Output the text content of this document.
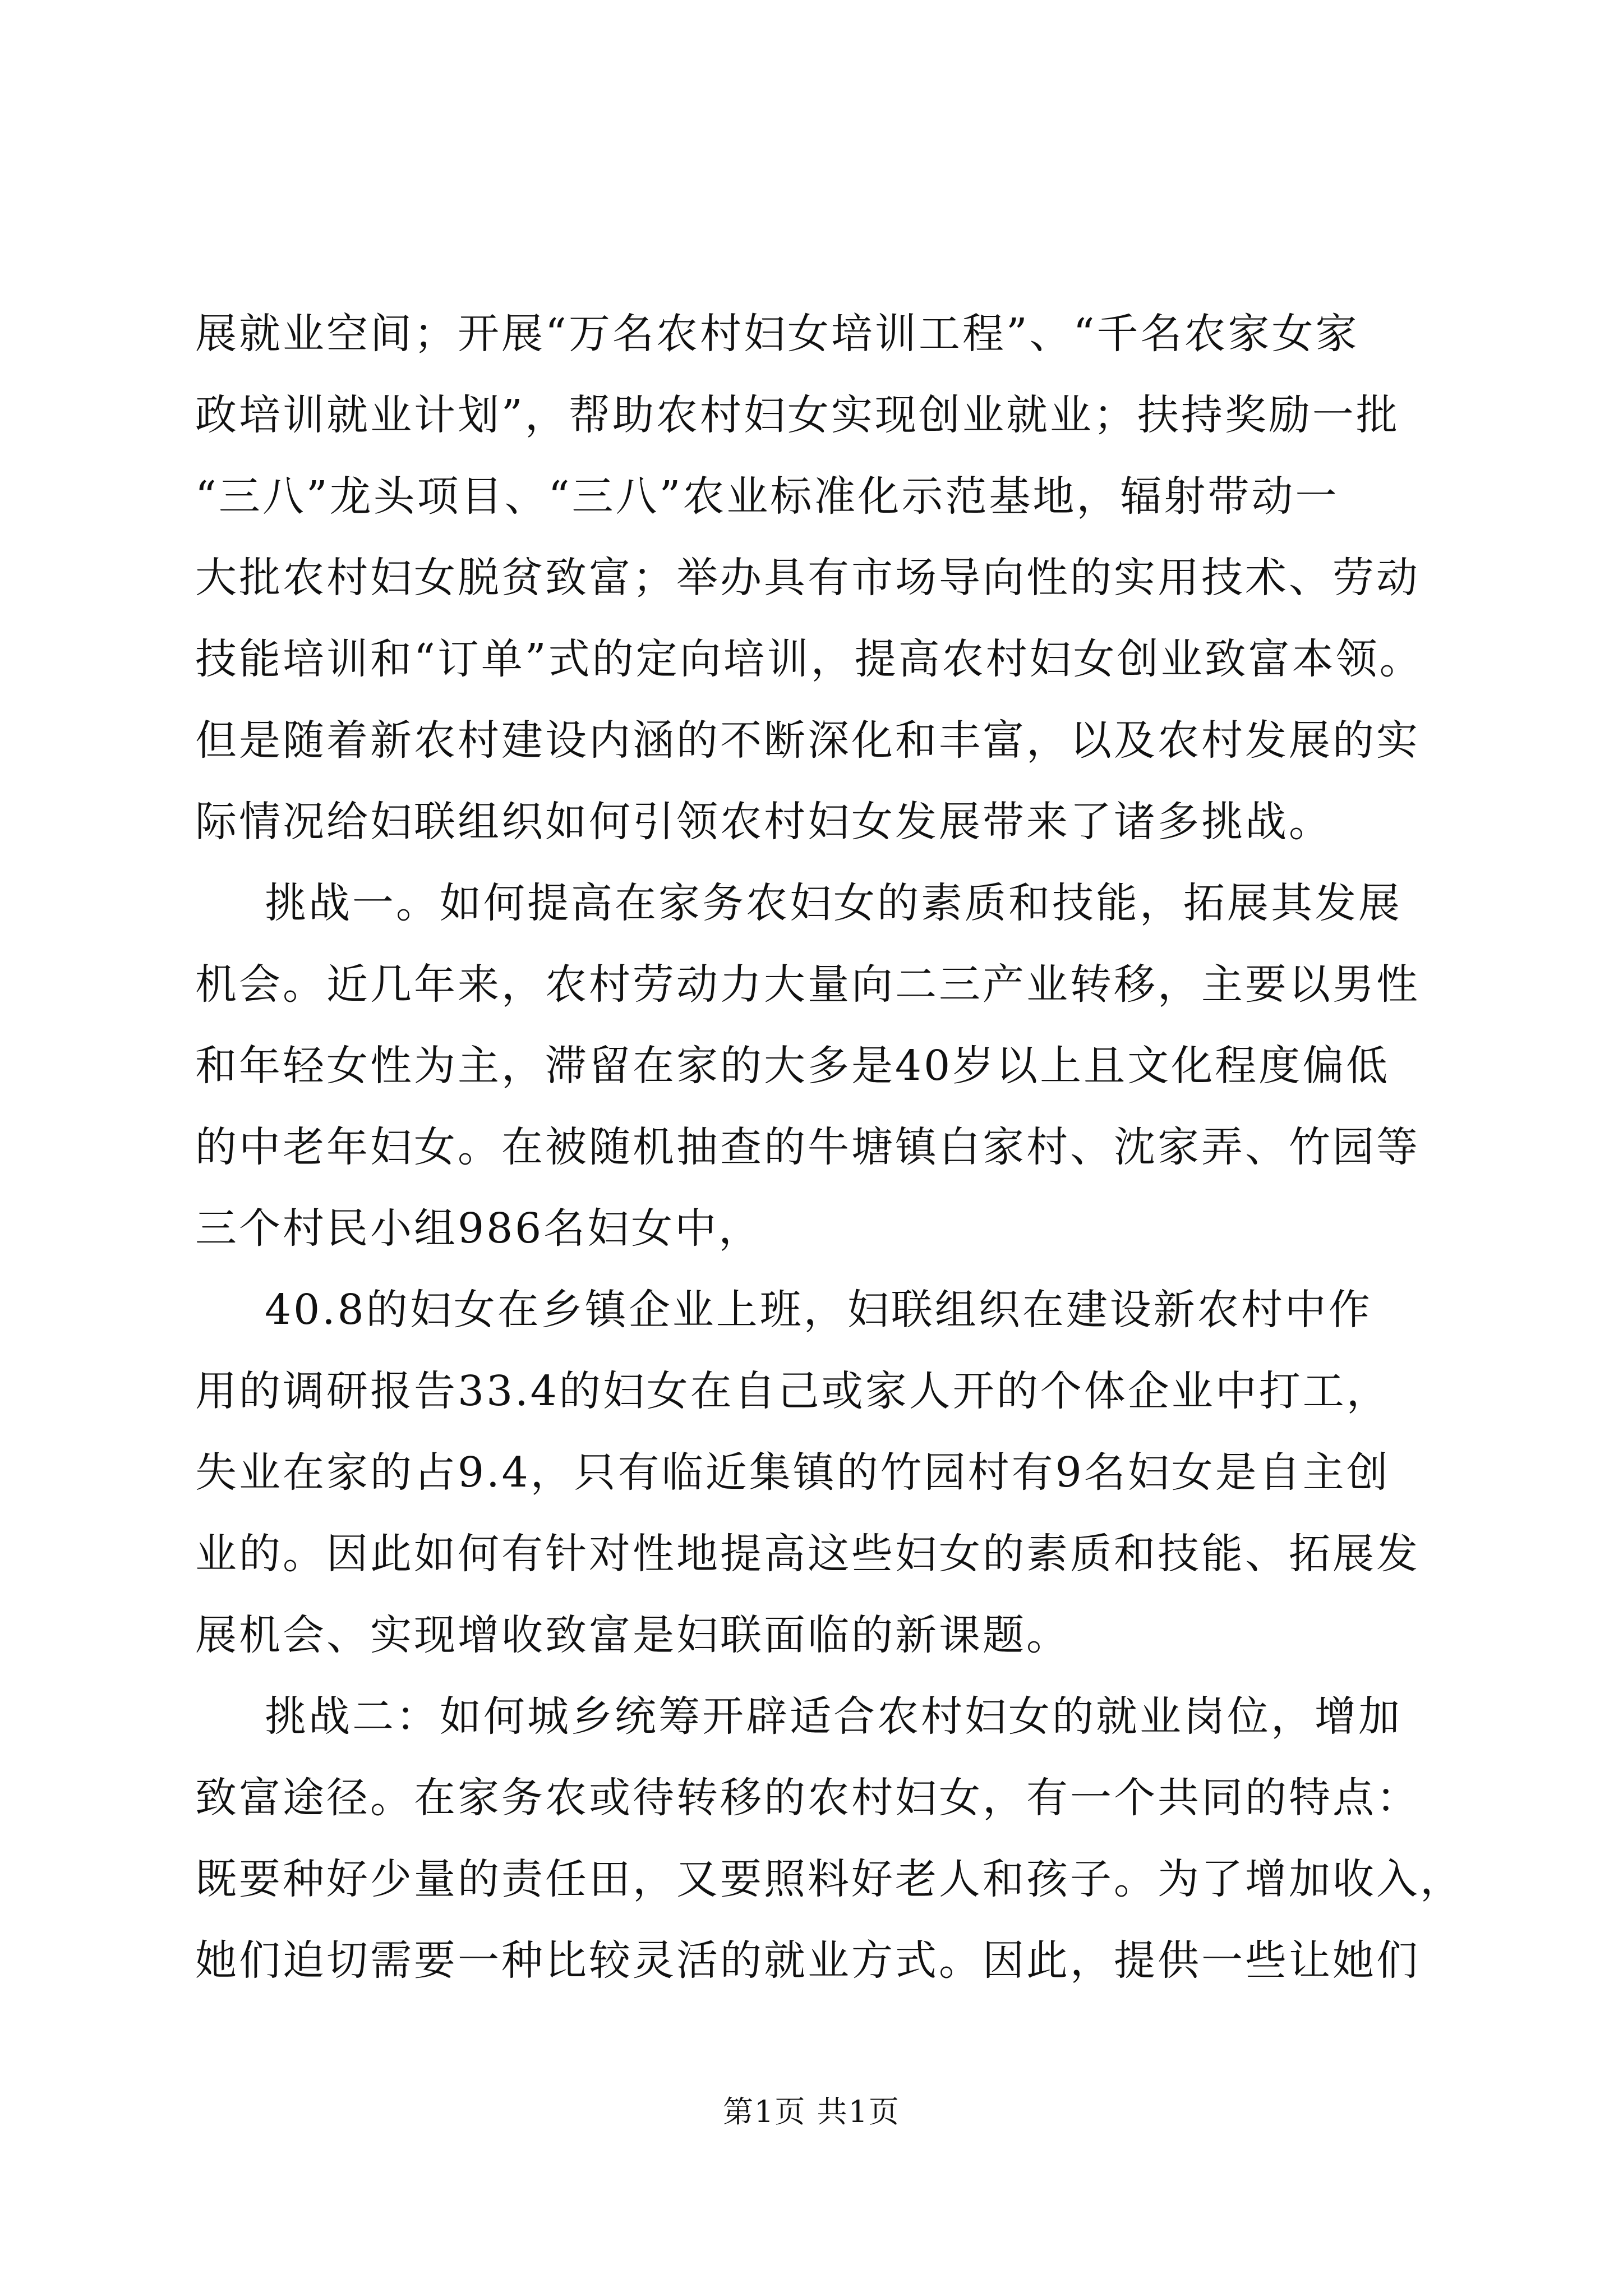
展就业空间；开展“万名农村妇女培训工程”、“千名农家女家
政培训就业计划”，帮助农村妇女实现创业就业；扶持奖励一批
“三八”龙头项目、“三八”农业标准化示范基地，辐射带动一
大批农村妇女脱贫致富；举办具有市场导向性的实用技术、劳动
技能培训和“订单”式的定向培训，提高农村妇女创业致富本领。
但是随着新农村建设内涵的不断深化和丰富，以及农村发展的实
际情况给妇联组织如何引领农村妇女发展带来了诸多挑战。
挑战一。如何提高在家务农妇女的素质和技能，拓展其发展
机会。近几年来，农村劳动力大量向二三产业转移，主要以男性
和年轻女性为主，滞留在家的大多是40岁以上且文化程度偏低
的中老年妇女。在被随机抽查的牛塘镇白家村、沈家弄、竹园等
三个村民小组986名妇女中，
40.8的妇女在乡镇企业上班，妇联组织在建设新农村中作
用的调研报告33.4的妇女在自己或家人开的个体企业中打工，
失业在家的占9.4，只有临近集镇的竹园村有9名妇女是自主创
业的。因此如何有针对性地提高这些妇女的素质和技能、拓展发
展机会、实现增收致富是妇联面临的新课题。
挑战二：如何城乡统筹开辟适合农村妇女的就业岗位，增加
致富途径。在家务农或待转移的农村妇女，有一个共同的特点：
既要种好少量的责任田，又要照料好老人和孩子。为了增加收入，
她们迫切需要一种比较灵活的就业方式。因此，提供一些让她们
第1页 共1页
